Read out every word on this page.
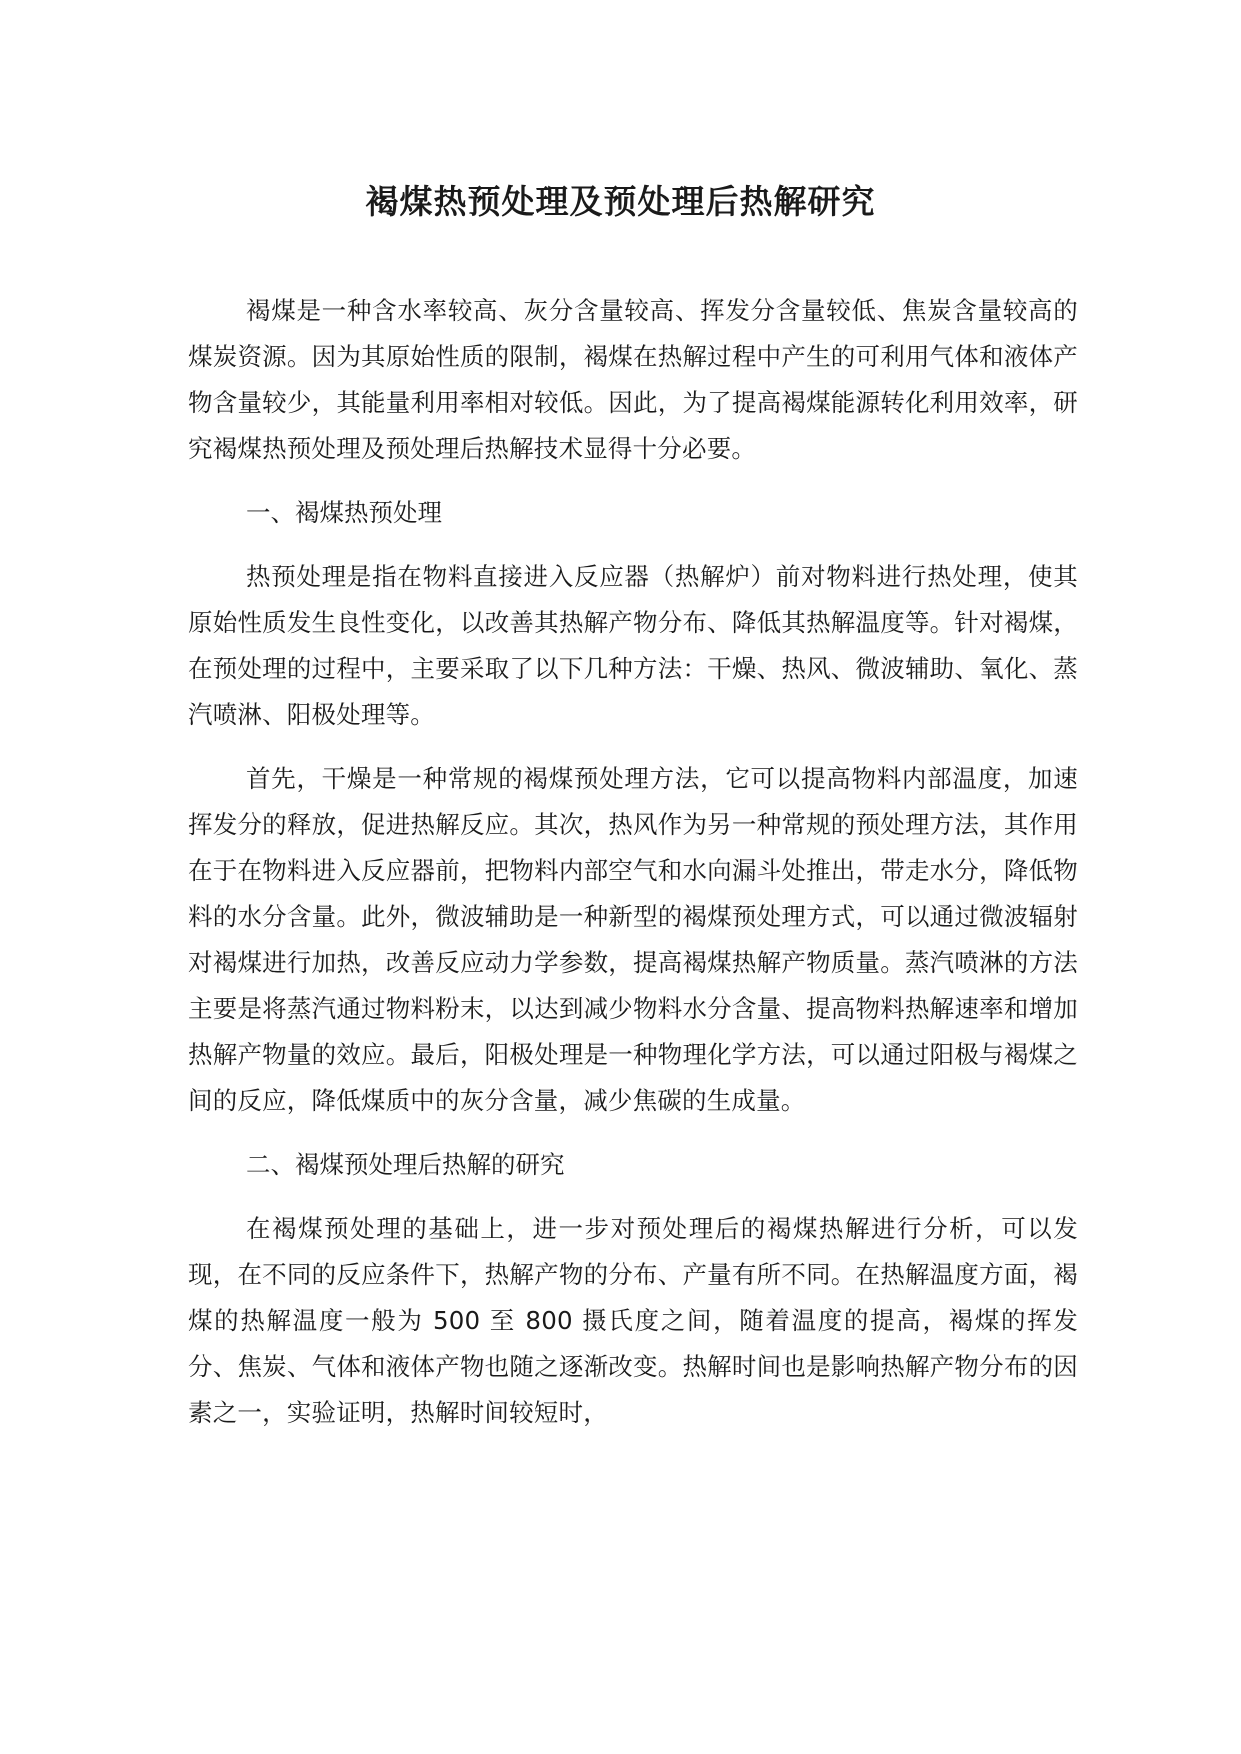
褐煤热预处理及预处理后热解研究

褐煤是一种含水率较高、灰分含量较高、挥发分含量较低、焦炭含量较高的煤炭资源。因为其原始性质的限制，褐煤在热解过程中产生的可利用气体和液体产物含量较少，其能量利用率相对较低。因此，为了提高褐煤能源转化利用效率，研究褐煤热预处理及预处理后热解技术显得十分必要。

一、褐煤热预处理

热预处理是指在物料直接进入反应器（热解炉）前对物料进行热处理，使其原始性质发生良性变化，以改善其热解产物分布、降低其热解温度等。针对褐煤，在预处理的过程中，主要采取了以下几种方法：干燥、热风、微波辅助、氧化、蒸汽喷淋、阳极处理等。

首先，干燥是一种常规的褐煤预处理方法，它可以提高物料内部温度，加速挥发分的释放，促进热解反应。其次，热风作为另一种常规的预处理方法，其作用在于在物料进入反应器前，把物料内部空气和水向漏斗处推出，带走水分，降低物料的水分含量。此外，微波辅助是一种新型的褐煤预处理方式，可以通过微波辐射对褐煤进行加热，改善反应动力学参数，提高褐煤热解产物质量。蒸汽喷淋的方法主要是将蒸汽通过物料粉末，以达到减少物料水分含量、提高物料热解速率和增加热解产物量的效应。最后，阳极处理是一种物理化学方法，可以通过阳极与褐煤之间的反应，降低煤质中的灰分含量，减少焦碳的生成量。

二、褐煤预处理后热解的研究

在褐煤预处理的基础上，进一步对预处理后的褐煤热解进行分析，可以发现，在不同的反应条件下，热解产物的分布、产量有所不同。在热解温度方面，褐煤的热解温度一般为 500 至 800 摄氏度之间，随着温度的提高，褐煤的挥发分、焦炭、气体和液体产物也随之逐渐改变。热解时间也是影响热解产物分布的因素之一，实验证明，热解时间较短时，
